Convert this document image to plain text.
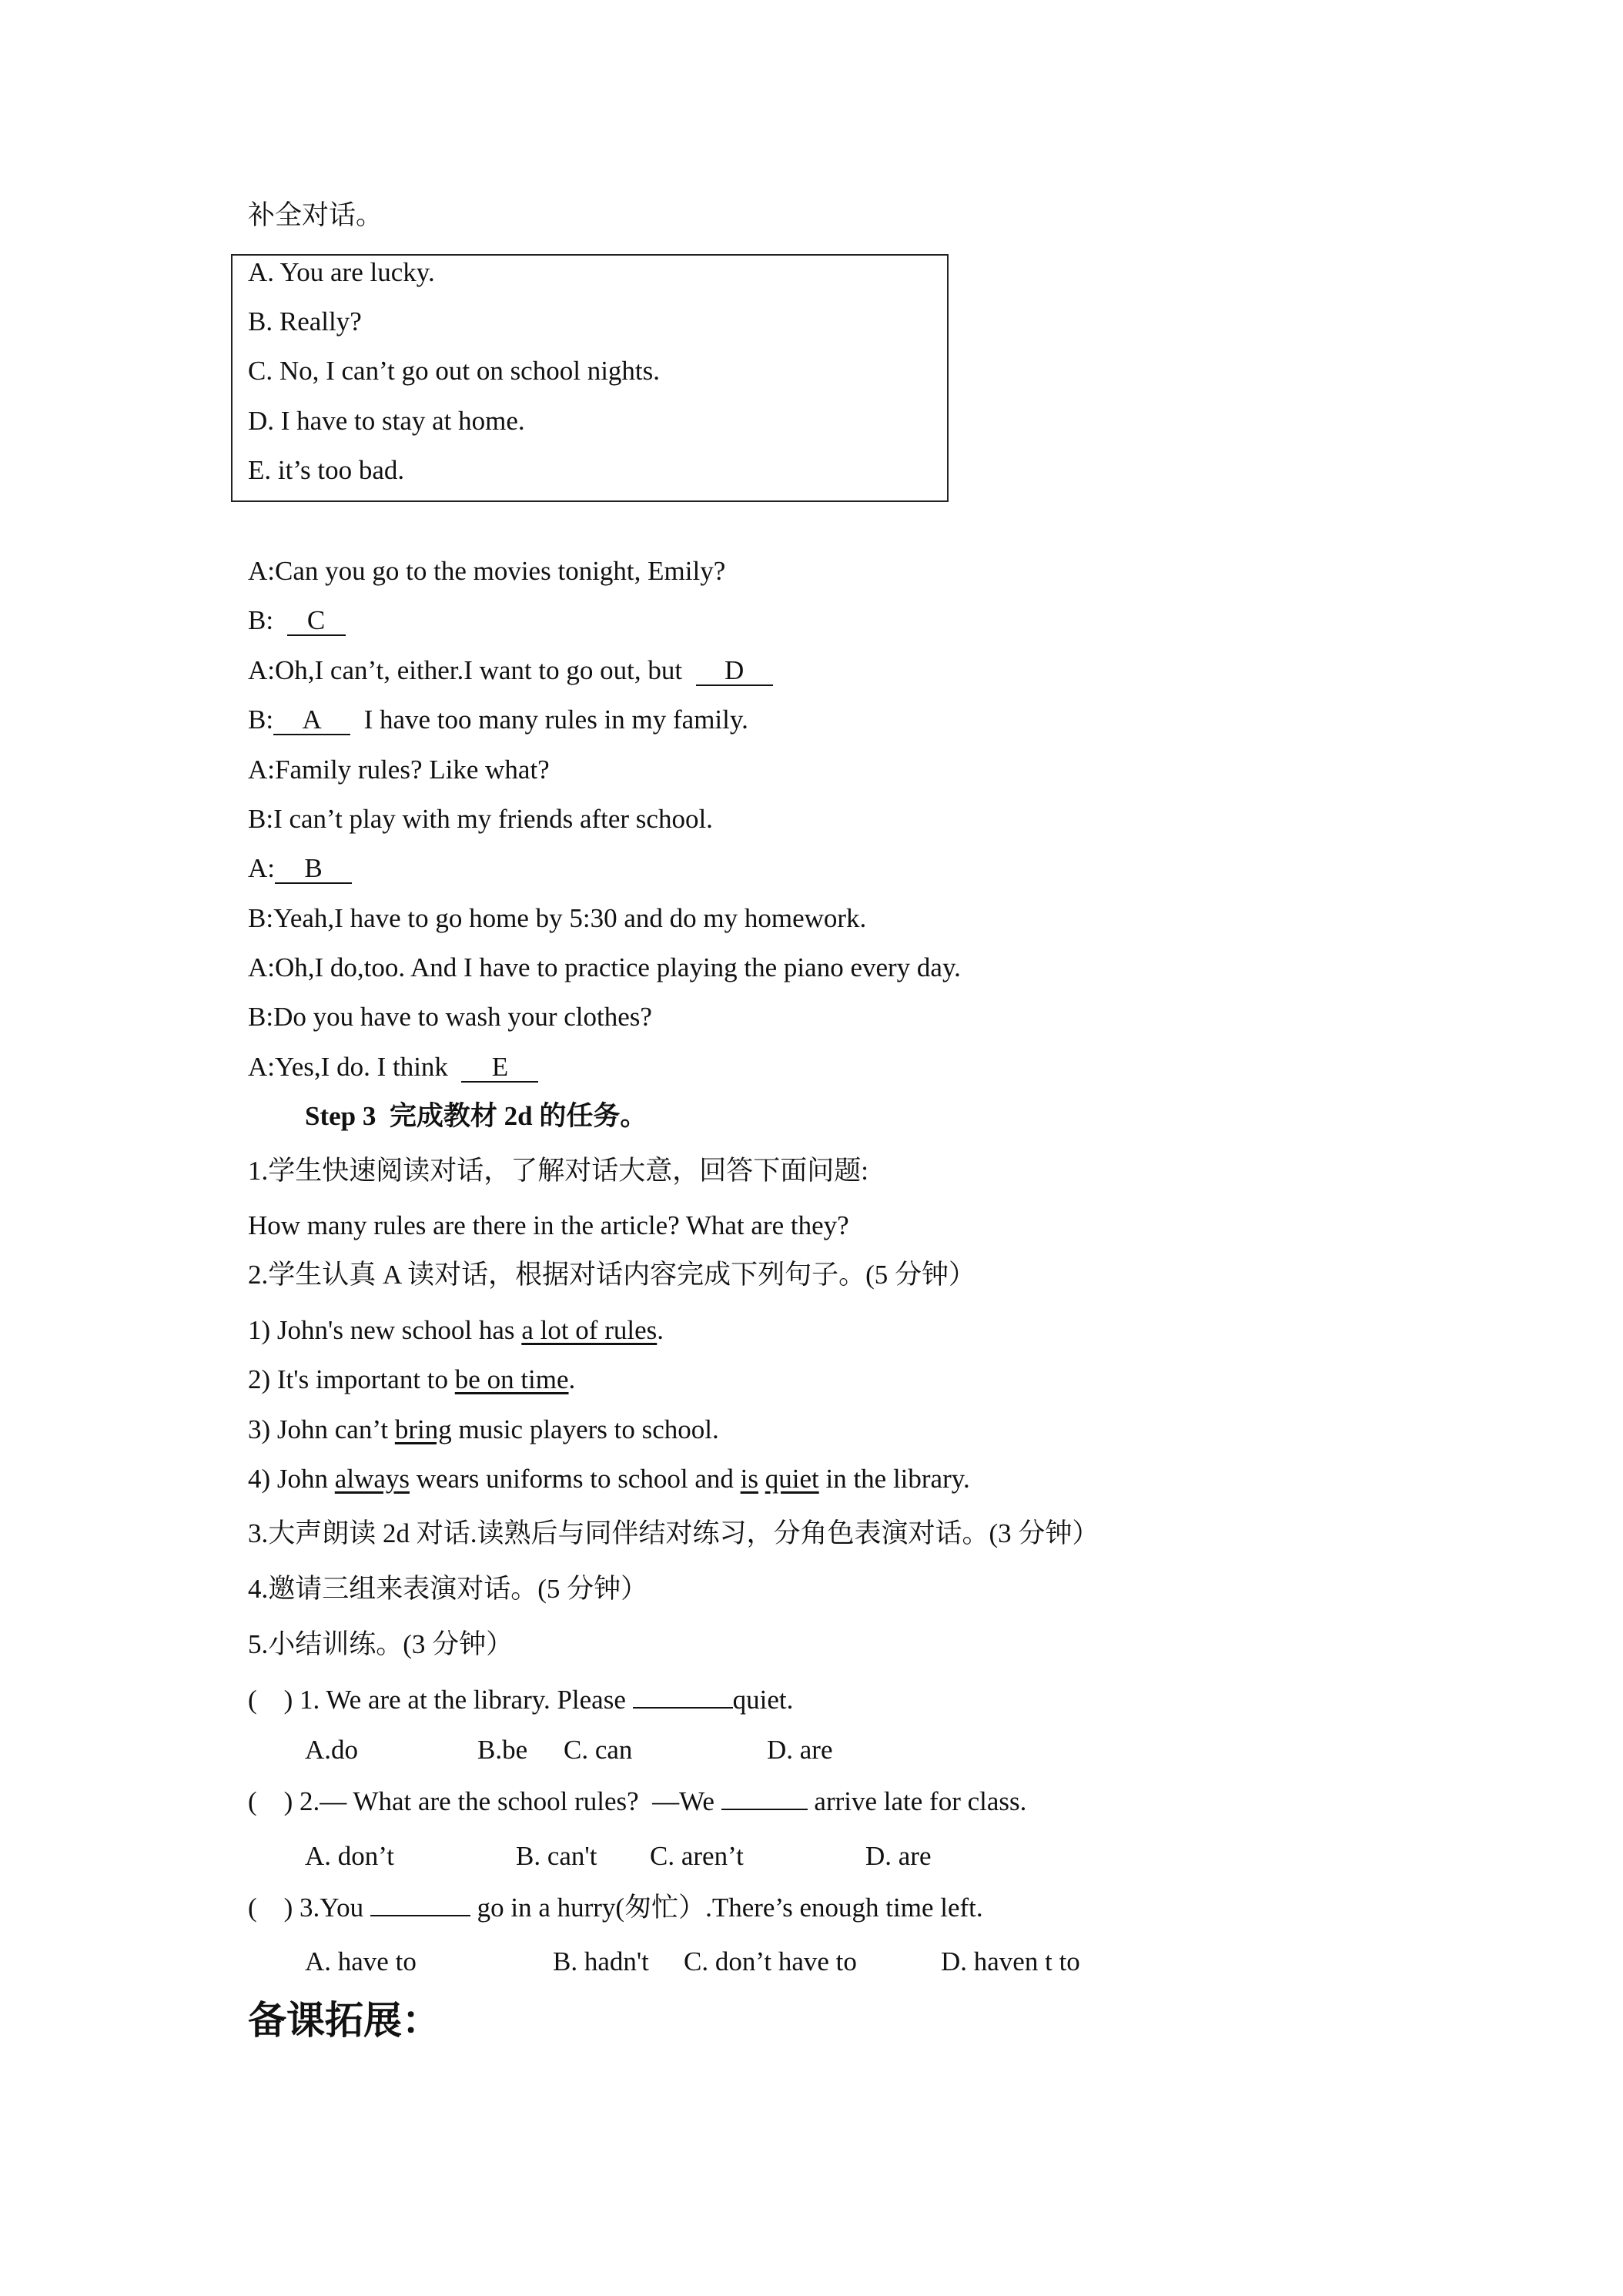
补全对话。
A. You are lucky.
B. Really?
C. No, I can’t go out on school nights.
D. I have to stay at home.
E. it’s too bad.
A:Can you go to the movies tonight, Emily?
B:  C
A:Oh,I can’t, either.I want to go out, but  D
B: A  I have too many rules in my family.
A:Family rules? Like what?
B:I can’t play with my friends after school.
A: B
B:Yeah,I have to go home by 5:30 and do my homework.
A:Oh,I do,too. And I have to practice playing the piano every day.
B:Do you have to wash your clothes?
A:Yes,I do. I think  E
Step 3  完成教材 2d 的任务。
1.学生快速阅读对话，了解对话大意，回答下面问题:
How many rules are there in the article? What are they?
2.学生认真 A 读对话，根据对话内容完成下列句子。(5 分钟）
1) John's new school has a lot of rules.
2) It's important to be on time.
3) John can’t bring music players to school.
4) John always wears uniforms to school and is quiet in the library.
3.大声朗读 2d 对话.读熟后与同伴结对练习，分角色表演对话。(3 分钟）
4.邀请三组来表演对话。(5 分钟）
5.小结训练。(3 分钟）
(    ) 1. We are at the library. Please	quiet.
A.do	B.be C. can	D. are
(    ) 2.— What are the school rules?  —We	arrive late for class.
A. don’t	B. can't C. aren’t	D. are
(    ) 3.You	go in a hurry(匆忙）.There’s enough time left.
A. have to	B. hadn't C. don’t have to	D. haven t to
备课拓展：
